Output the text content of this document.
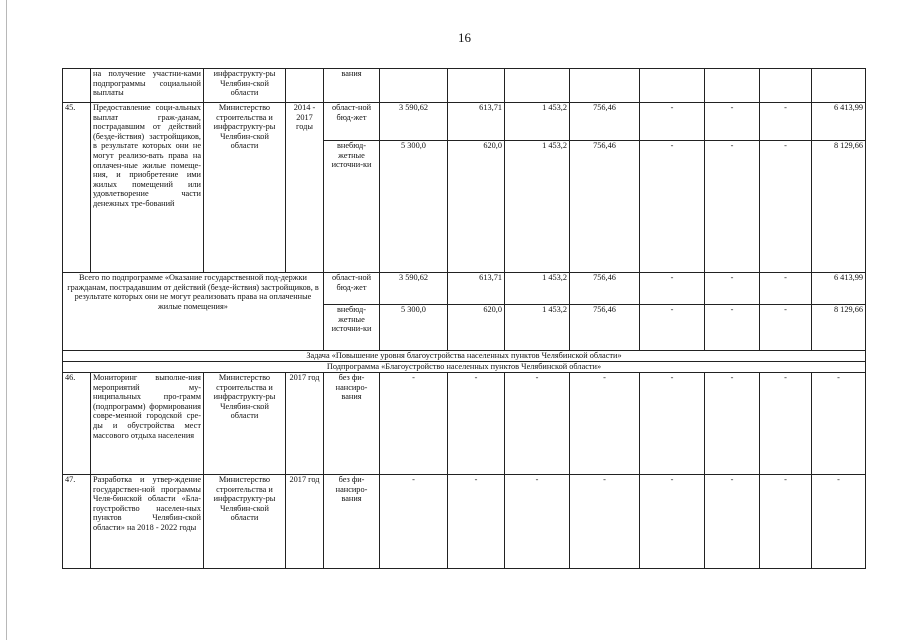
16
	на получение участни-ками подпрограммы социальной выплаты	инфраструкту-ры Челябин-ской области		вания								
45.	Предоставление соци-альных выплат граж-данам, пострадавшим от действий (безде-йствия) застройщиков, в результате которых они не могут реализо-вать права на оплачен-ные жилые помеще-ния, и приобретение ими жилых помещений или удовлетворение части денежных тре-бований	Министерство строительства и инфраструкту-ры Челябин-ской области	2014 - 2017 годы	област-ной бюд-жет	3 590,62	613,71	1 453,2	756,46	-	-	-	6 413,99
				внебюд-жетные источни-ки	5 300,0	620,0	1 453,2	756,46	-	-	-	8 129,66
Всего по подпрограмме «Оказание государственной под-держки гражданам, пострадавшим от действий (безде-йствия) застройщиков, в результате которых они не могут реализовать права на оплаченные жилые помещения»				област-ной бюд-жет	3 590,62	613,71	1 453,2	756,46	-	-	-	6 413,99
				внебюд-жетные источни-ки	5 300,0	620,0	1 453,2	756,46	-	-	-	8 129,66
Задача «Повышение уровня благоустройства населенных пунктов Челябинской области»												
Подпрограмма «Благоустройство населенных пунктов Челябинской области»												
46.	Мониторинг выполне-ния мероприятий му-ниципальных про-грамм (подпрограмм) формирования совре-менной городской сре-ды и обустройства мест массового отдыха населения	Министерство строительства и инфраструкту-ры Челябин-ской области	2017 год	без фи-нансиро-вания	-	-	-	-	-	-	-	-
47.	Разработка и утвер-ждение государствен-ной программы Челя-бинской области «Бла-гоустройство населен-ных пунктов Челябин-ской области» на 2018 - 2022 годы	Министерство строительства и инфраструкту-ры Челябин-ской области	2017 год	без фи-нансиро-вания	-	-	-	-	-	-	-	-
